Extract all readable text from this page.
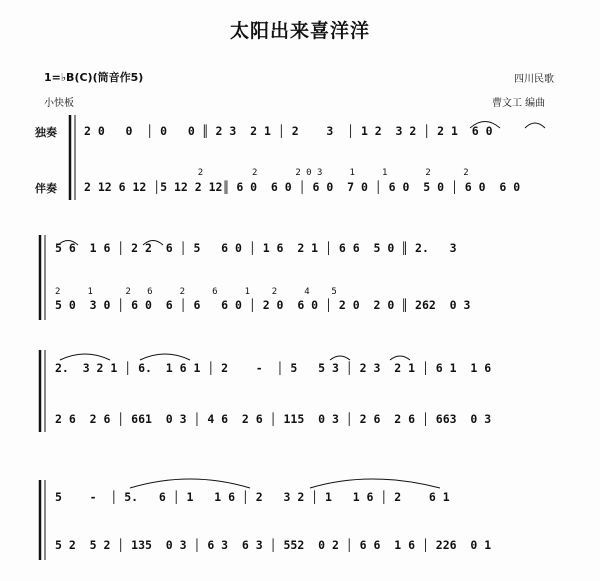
太阳出来喜洋洋
1=♭B(C)(筒音作5)
小快板
四川民歌
曹文工 编曲
独奏
伴奏
2 0   0  │ 0   0 ║ 2 3  2 1 │ 2    3  │ 1 2  3 2 │ 2 1  6 0
2         2       2 0 3     1     1       2      2
2 12 6 12 │5 12 2 12║ 6 0  6 0 │ 6 0  7 0 │ 6 0  5 0 │ 6 0  6 0
5 6  1 6 │ 2 2  6 │ 5   6 0 │ 1 6  2 1 │ 6 6  5 0 ║ 2.   3
2     1      2   6     2     6     1    2     4    5
5 0  3 0 │ 6 0  6 │ 6   6 0 │ 2 0  6 0 │ 2 0  2 0 ║ 262  0 3
2.  3 2 1 │ 6.  1 6 1 │ 2    -  │ 5   5 3 │ 2 3  2 1 │ 6 1  1 6
2 6  2 6 │ 661  0 3 │ 4 6  2 6 │ 115  0 3 │ 2 6  2 6 │ 663  0 3
5    -  │ 5.   6 │ 1   1 6 │ 2   3 2 │ 1   1 6 │ 2    6 1
5 2  5 2 │ 135  0 3 │ 6 3  6 3 │ 552  0 2 │ 6 6  1 6 │ 226  0 1
